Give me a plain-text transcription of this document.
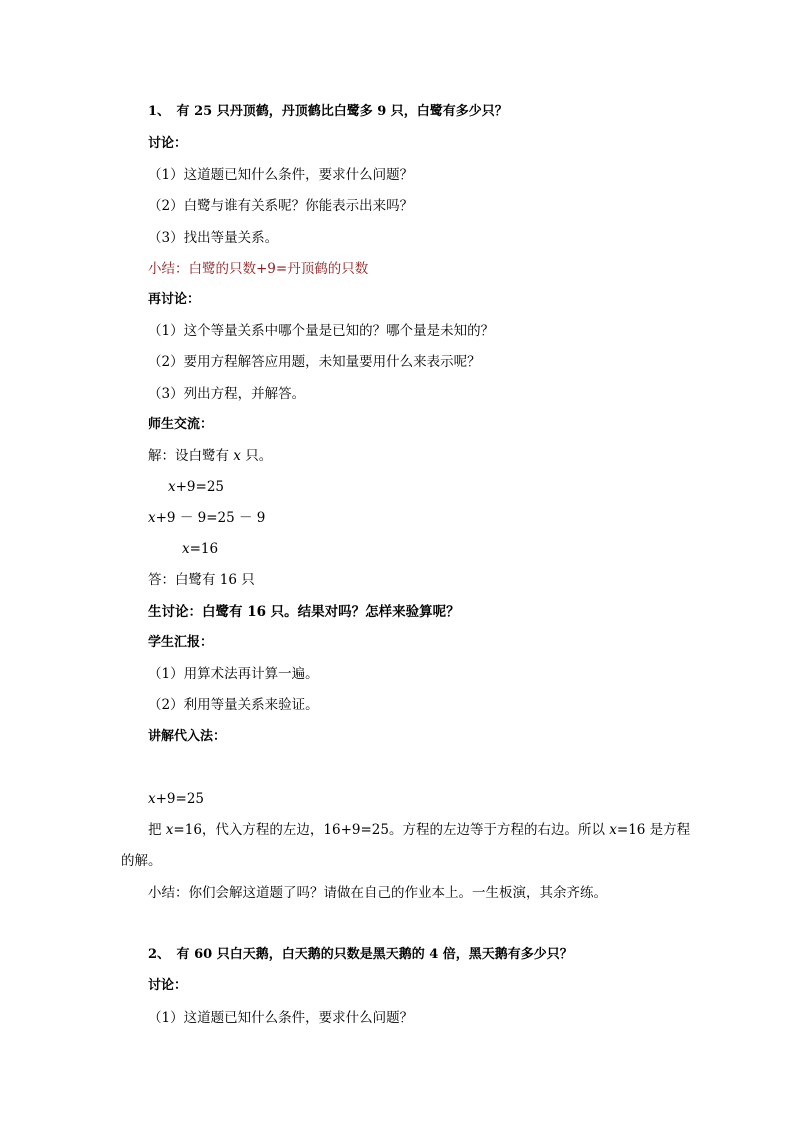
1、　有 25 只丹顶鹤，丹顶鹤比白鹭多 9 只，白鹭有多少只？
讨论：
（1）这道题已知什么条件，要求什么问题？
（2）白鹭与谁有关系呢？你能表示出来吗？
（3）找出等量关系。
小结：白鹭的只数+9=丹顶鹤的只数
再讨论：
（1）这个等量关系中哪个量是已知的？哪个量是未知的？
（2）要用方程解答应用题，未知量要用什么来表示呢？
（3）列出方程，并解答。
师生交流：
解：设白鹭有 x 只。
x+9=25
x+9 － 9=25 － 9
x=16
答：白鹭有 16 只
生讨论：白鹭有 16 只。结果对吗？怎样来验算呢？
学生汇报：
（1）用算术法再计算一遍。
（2）利用等量关系来验证。
讲解代入法：
x+9=25
把 x=16，代入方程的左边，16+9=25。方程的左边等于方程的右边。所以 x=16 是方程
的解。
小结：你们会解这道题了吗？请做在自己的作业本上。一生板演，其余齐练。
2、　有 60 只白天鹅，白天鹅的只数是黑天鹅的 4 倍，黑天鹅有多少只？
讨论：
（1）这道题已知什么条件，要求什么问题？
